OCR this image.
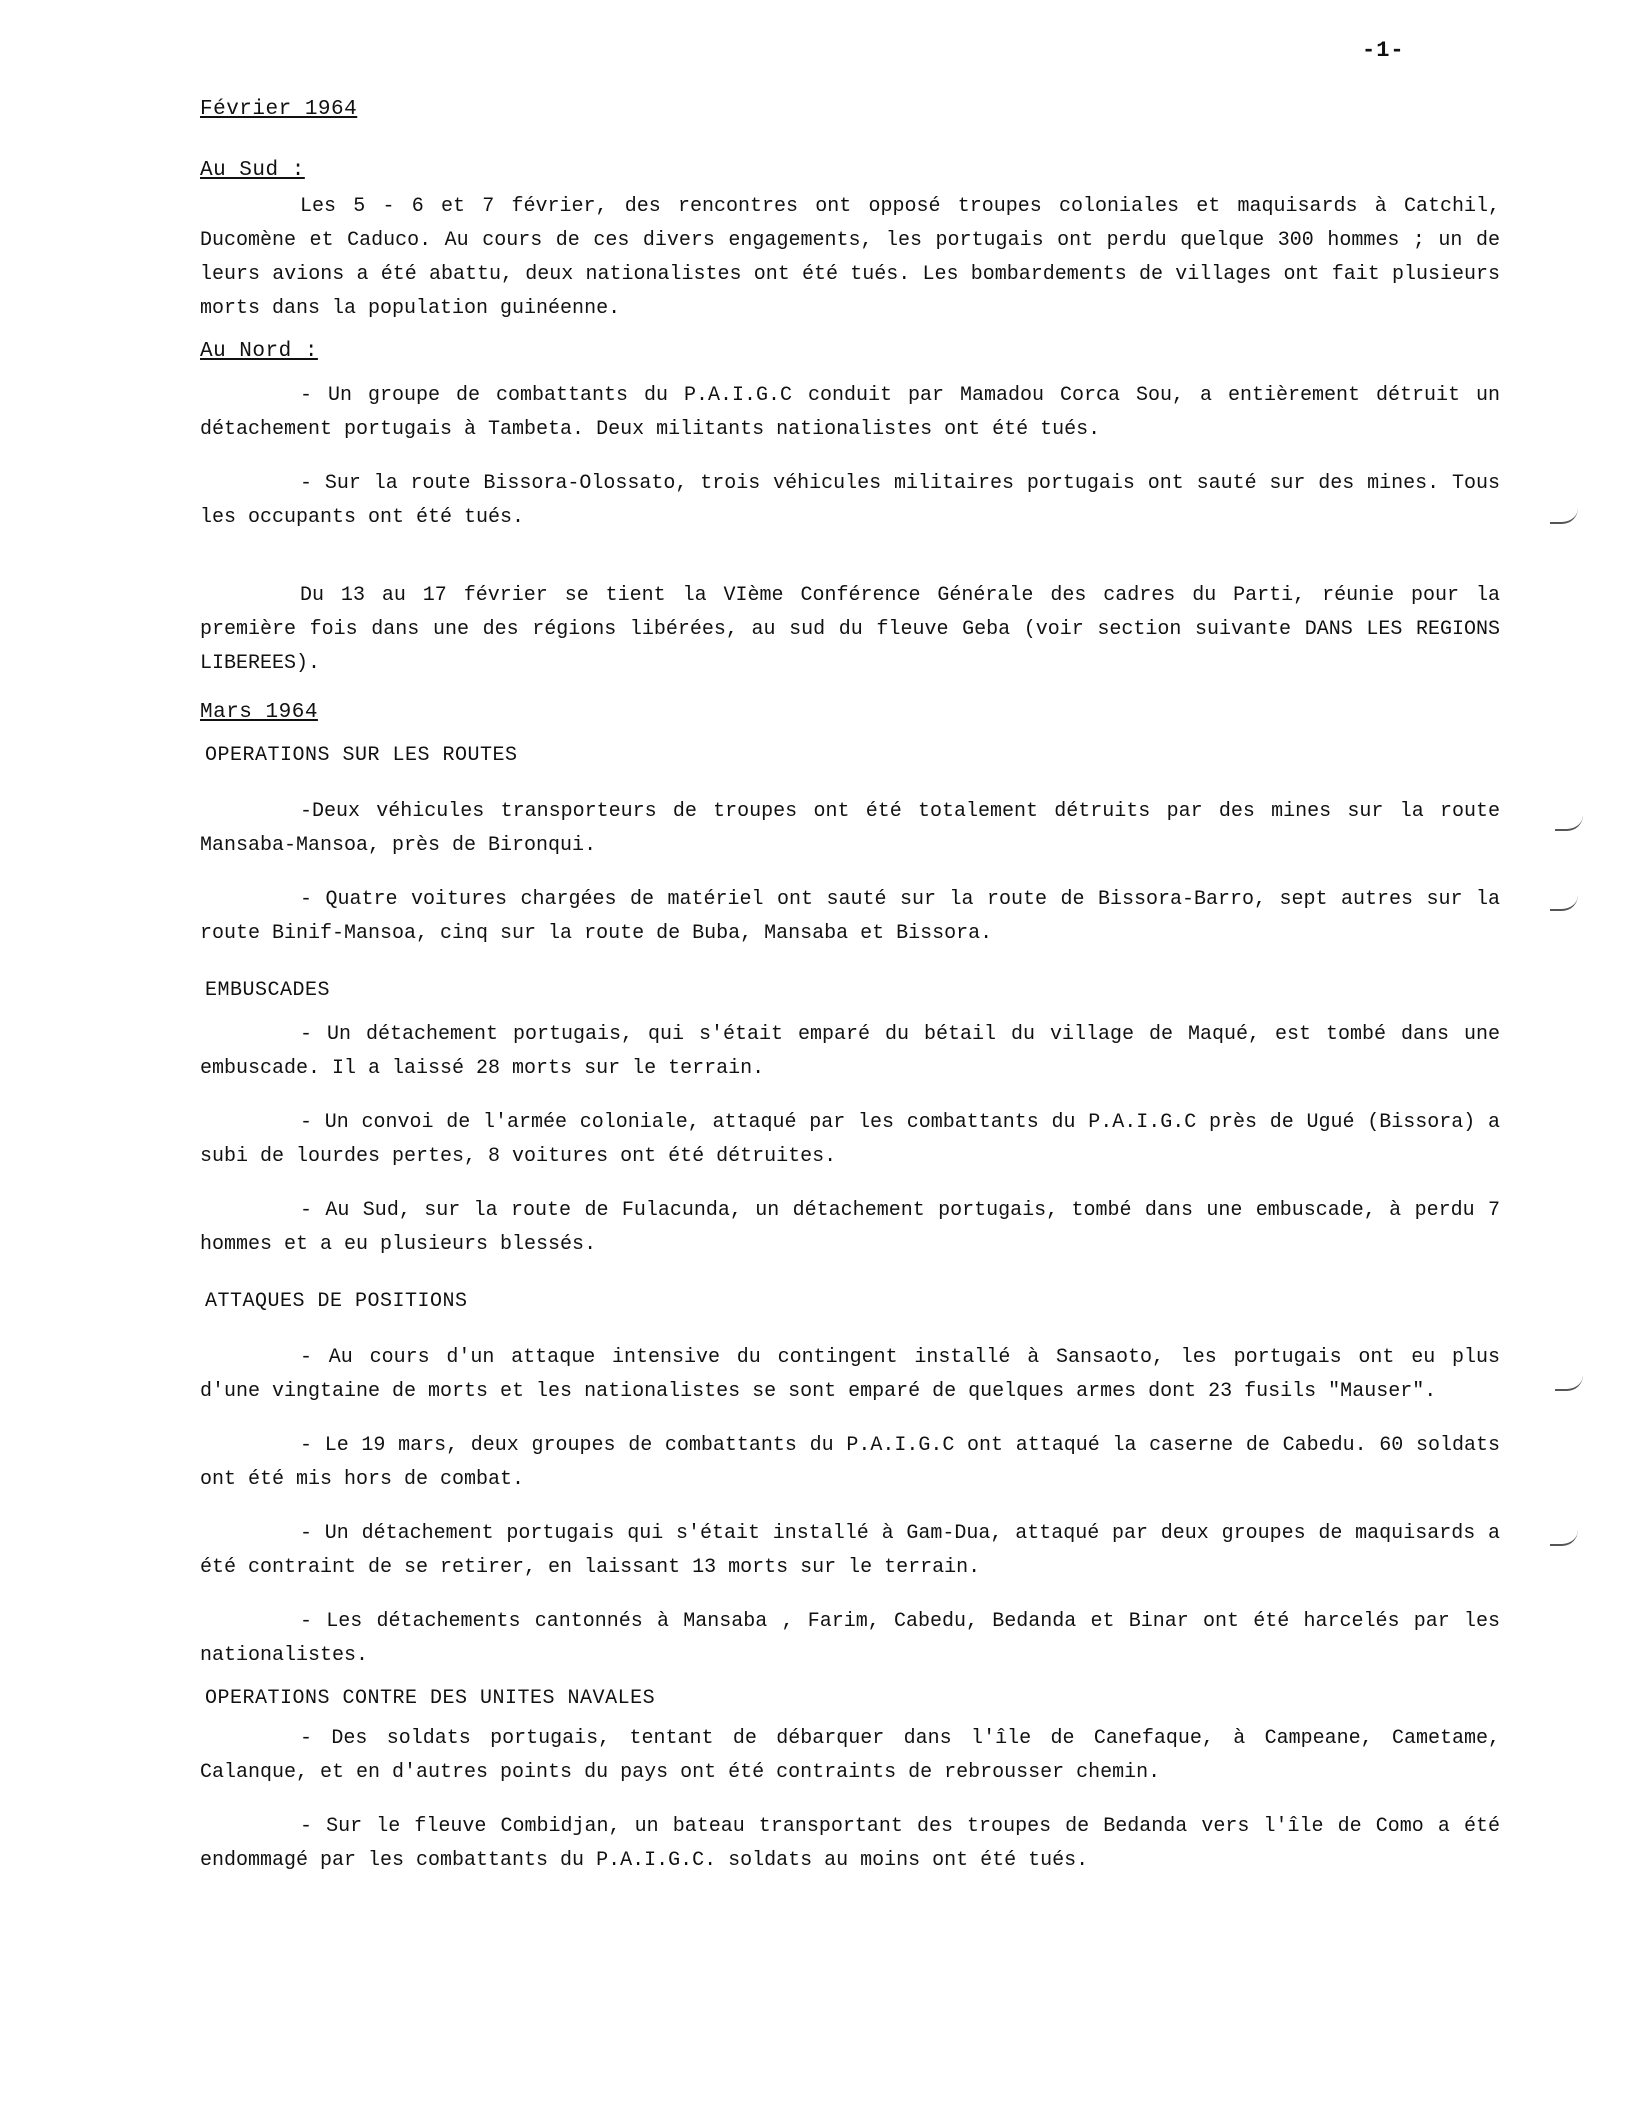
-1-
Février 1964
Au Sud :

Les 5 - 6 et 7 février, des rencontres ont opposé troupes coloniales et maquisards à Catchil, Ducomène et Caduco. Au cours de ces divers engagements, les portugais ont perdu quelque 300 hommes ; un de leurs avions a été abattu, deux nationalistes ont été tués. Les bombardements de villages ont fait plusieurs morts dans la population guinéenne.

Au Nord :

- Un groupe de combattants du P.A.I.G.C conduit par Mamadou Corca Sou, a entièrement détruit un détachement portugais à Tambeta. Deux militants nationalistes ont été tués.

- Sur la route Bissora-Olossato, trois véhicules militaires portugais ont sauté sur des mines. Tous les occupants ont été tués.

Du 13 au 17 février se tient la VIème Conférence Générale des cadres du Parti, réunie pour la première fois dans une des régions libérées, au sud du fleuve Geba (voir section suivante DANS LES REGIONS LIBEREES).

Mars 1964
OPERATIONS SUR LES ROUTES

-Deux véhicules transporteurs de troupes ont été totalement détruits par des mines sur la route Mansaba-Mansoa, près de Bironqui.

- Quatre voitures chargées de matériel ont sauté sur la route de Bissora-Barro, sept autres sur la route Binif-Mansoa, cinq sur la route de Buba, Mansaba et Bissora.

EMBUSCADES

- Un détachement portugais, qui s'était emparé du bétail du village de Maqué, est tombé dans une embuscade. Il a laissé 28 morts sur le terrain.

- Un convoi de l'armée coloniale, attaqué par les combattants du P.A.I.G.C près de Ugué (Bissora) a subi de lourdes pertes, 8 voitures ont été détruites.

- Au Sud, sur la route de Fulacunda, un détachement portugais, tombé dans une embuscade, à perdu 7 hommes et a eu plusieurs blessés.

ATTAQUES DE POSITIONS

- Au cours d'un attaque intensive du contingent installé à Sansaoto, les portugais ont eu plus d'une vingtaine de morts et les nationalistes se sont emparé de quelques armes dont 23 fusils "Mauser".

- Le 19 mars, deux groupes de combattants du P.A.I.G.C ont attaqué la caserne de Cabedu. 60 soldats ont été mis hors de combat.

- Un détachement portugais qui s'était installé à Gam-Dua, attaqué par deux groupes de maquisards a été contraint de se retirer, en laissant 13 morts sur le terrain.

- Les détachements cantonnés à Mansaba , Farim, Cabedu, Bedanda et Binar ont été harcelés par les nationalistes.

OPERATIONS CONTRE DES UNITES NAVALES

- Des soldats portugais, tentant de débarquer dans l'île de Canefaque, à Campeane, Cametame, Calanque, et en d'autres points du pays ont été contraints de rebrousser chemin.

- Sur le fleuve Combidjan, un bateau transportant des troupes de Bedanda vers l'île de Como a été endommagé par les combattants du P.A.I.G.C. soldats au moins ont été tués.
